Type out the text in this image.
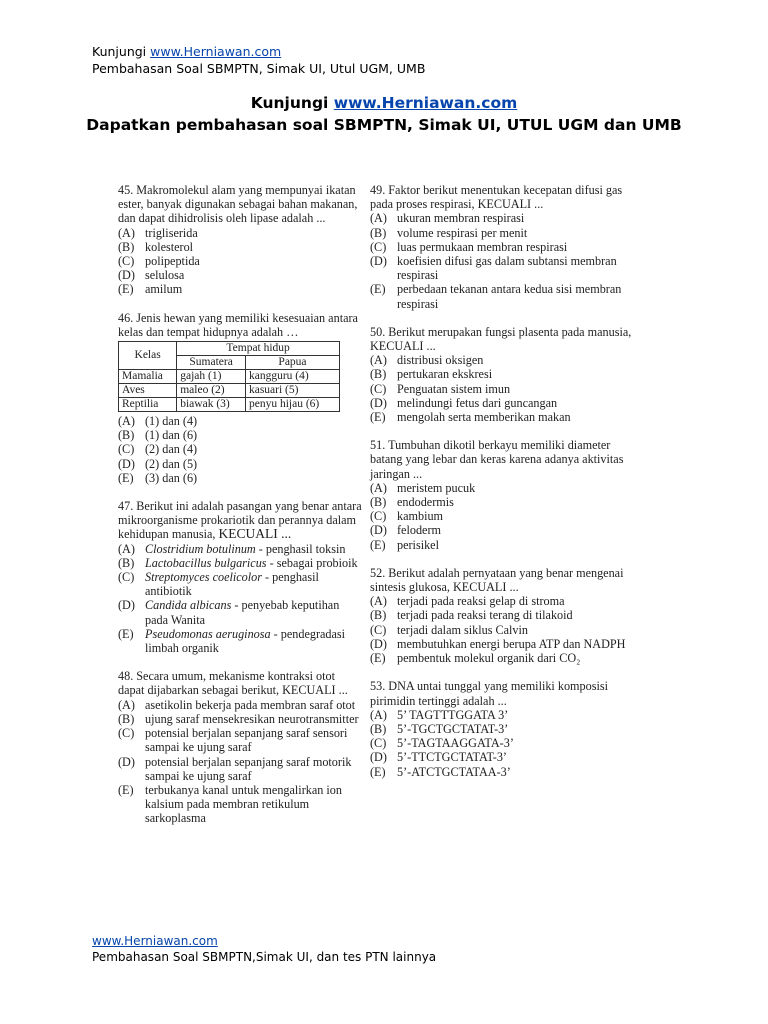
Kunjungi www.Herniawan.com
Pembahasan Soal SBMPTN, Simak UI, Utul UGM, UMB
Kunjungi www.Herniawan.com
Dapatkan pembahasan soal SBMPTN, Simak UI, UTUL UGM dan UMB
45. Makromolekul alam yang mempunyai ikatan ester, banyak digunakan sebagai bahan makanan, dan dapat dihidrolisis oleh lipase adalah ...
(A) trigliserida
(B) kolesterol
(C) polipeptida
(D) selulosa
(E) amilum
46. Jenis hewan yang memiliki kesesuaian antara kelas dan tempat hidupnya adalah …
Kelas	Tempat hidup	
	Sumatera	Papua
Mamalia	gajah (1)	kangguru (4)
Aves	maleo (2)	kasuari (5)
Reptilia	biawak (3)	penyu hijau (6)
(A) (1) dan (4)
(B) (1) dan (6)
(C) (2) dan (4)
(D) (2) dan (5)
(E) (3) dan (6)
47. Berikut ini adalah pasangan yang benar antara mikroorganisme prokariotik dan perannya dalam kehidupan manusia, KECUALI ...
(A) Clostridium botulinum - penghasil toksin
(B) Lactobacillus bulgaricus - sebagai probioik
(C) Streptomyces coelicolor - penghasil antibiotik
(D) Candida albicans - penyebab keputihan pada Wanita
(E) Pseudomonas aeruginosa - pendegradasi limbah organik
48. Secara umum, mekanisme kontraksi otot dapat dijabarkan sebagai berikut, KECUALI ...
(A) asetikolin bekerja pada membran saraf otot
(B) ujung saraf mensekresikan neurotransmitter
(C) potensial berjalan sepanjang saraf sensori sampai ke ujung saraf
(D) potensial berjalan sepanjang saraf motorik sampai ke ujung saraf
(E) terbukanya kanal untuk mengalirkan ion kalsium pada membran retikulum sarkoplasma
49. Faktor berikut menentukan kecepatan difusi gas pada proses respirasi, KECUALI ...
(A) ukuran membran respirasi
(B) volume respirasi per menit
(C) luas permukaan membran respirasi
(D) koefisien difusi gas dalam subtansi membran respirasi
(E) perbedaan tekanan antara kedua sisi membran respirasi
50. Berikut merupakan fungsi plasenta pada manusia, KECUALI ...
(A) distribusi oksigen
(B) pertukaran ekskresi
(C) Penguatan sistem imun
(D) melindungi fetus dari guncangan
(E) mengolah serta memberikan makan
51. Tumbuhan dikotil berkayu memiliki diameter batang yang lebar dan keras karena adanya aktivitas jaringan ...
(A) meristem pucuk
(B) endodermis
(C) kambium
(D) feloderm
(E) perisikel
52. Berikut adalah pernyataan yang benar mengenai sintesis glukosa, KECUALI ...
(A) terjadi pada reaksi gelap di stroma
(B) terjadi pada reaksi terang di tilakoid
(C) terjadi dalam siklus Calvin
(D) membutuhkan energi berupa ATP dan NADPH
(E) pembentuk molekul organik dari CO₂
53. DNA untai tunggal yang memiliki komposisi pirimidin tertinggi adalah ...
(A) 5’ TAGTTTGGATA 3’
(B) 5’-TGCTGCTATAT-3’
(C) 5’-TAGTAAGGATA-3’
(D) 5’-TTCTGCTATAT-3’
(E) 5’-ATCTGCTATAA-3’
www.Herniawan.com
Pembahasan Soal SBMPTN,Simak UI, dan tes PTN lainnya
